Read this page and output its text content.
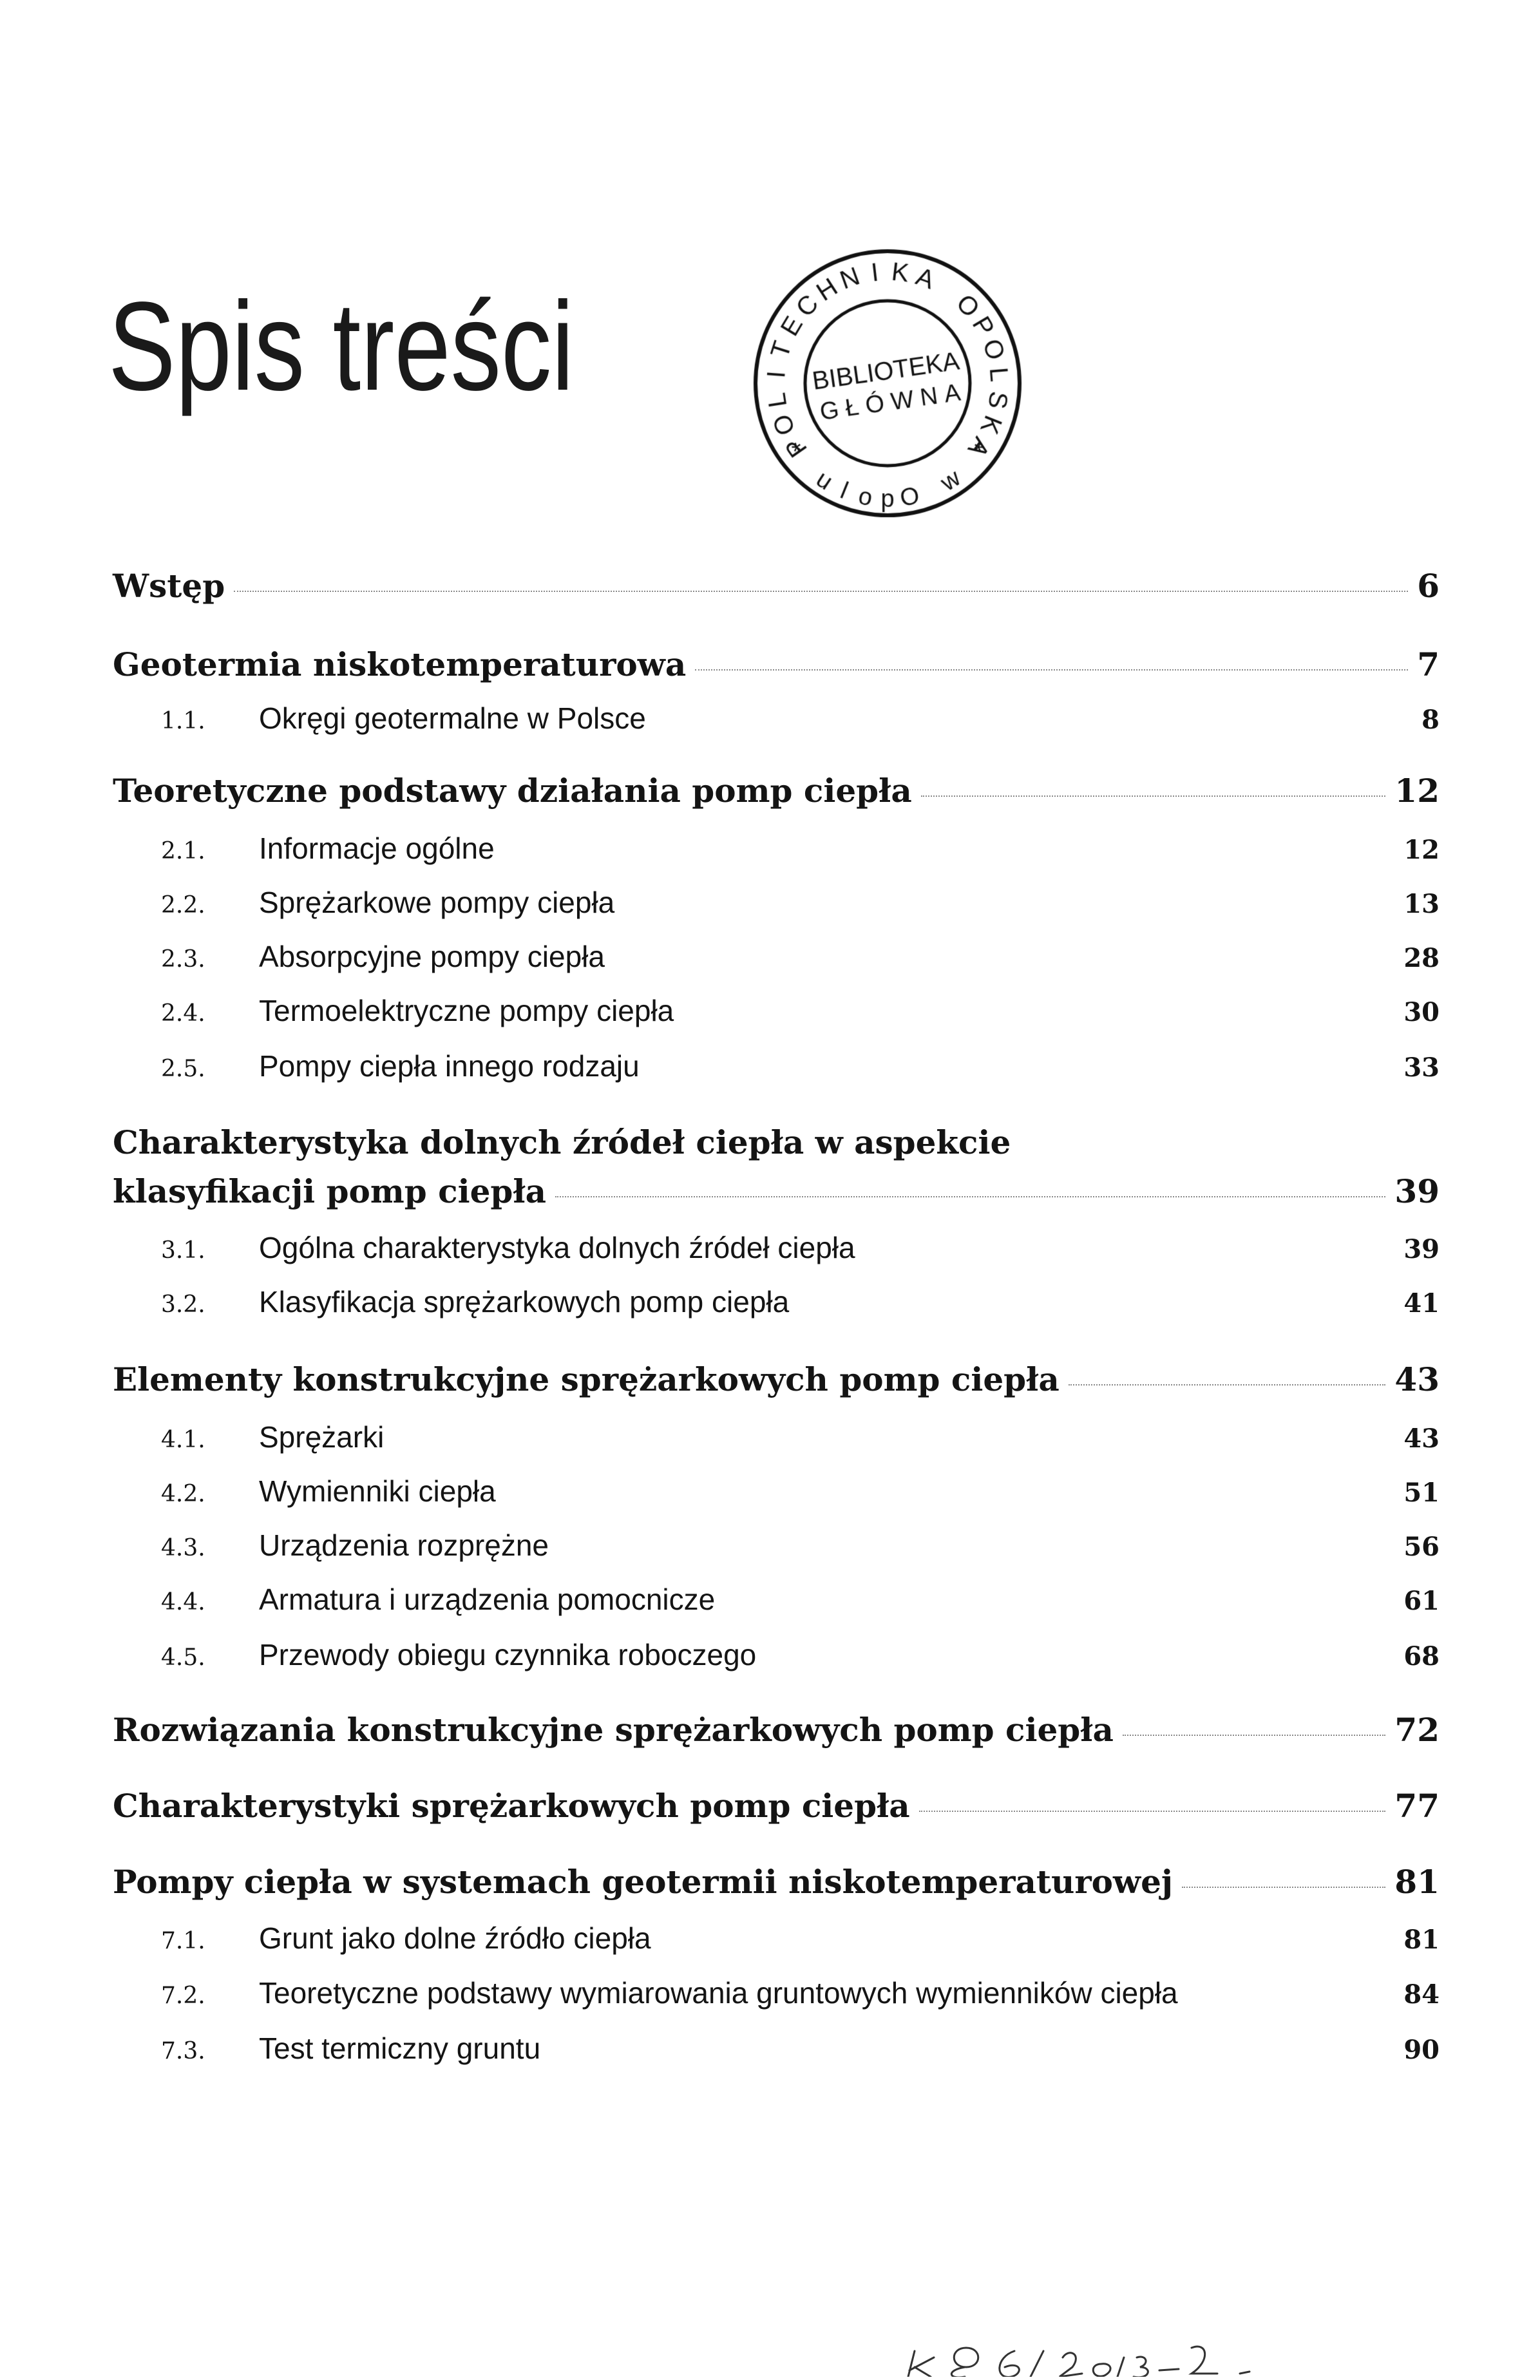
Spis treści
Wstęp	6
Geotermia niskotemperaturowa	7
1.1.	Okręgi geotermalne w Polsce	8
Teoretyczne podstawy działania pomp ciepła	12
2.1.	Informacje ogólne	12
2.2.	Sprężarkowe pompy ciepła	13
2.3.	Absorpcyjne pompy ciepła	28
2.4.	Termoelektryczne pompy ciepła	30
2.5.	Pompy ciepła innego rodzaju	33
Charakterystyka dolnych źródeł ciepła w aspekcie
klasyfikacji pomp ciepła	39
3.1.	Ogólna charakterystyka dolnych źródeł ciepła	39
3.2.	Klasyfikacja sprężarkowych pomp ciepła	41
Elementy konstrukcyjne sprężarkowych pomp ciepła	43
4.1.	Sprężarki	43
4.2.	Wymienniki ciepła	51
4.3.	Urządzenia rozprężne	56
4.4.	Armatura i urządzenia pomocnicze	61
4.5.	Przewody obiegu czynnika roboczego	68
Rozwiązania konstrukcyjne sprężarkowych pomp ciepła	72
Charakterystyki sprężarkowych pomp ciepła	77
Pompy ciepła w systemach geotermii niskotemperaturowej	81
7.1.	Grunt jako dolne źródło ciepła	81
7.2.	Teoretyczne podstawy wymiarowania gruntowych wymienników ciepła	84
7.3.	Test termiczny gruntu	90
